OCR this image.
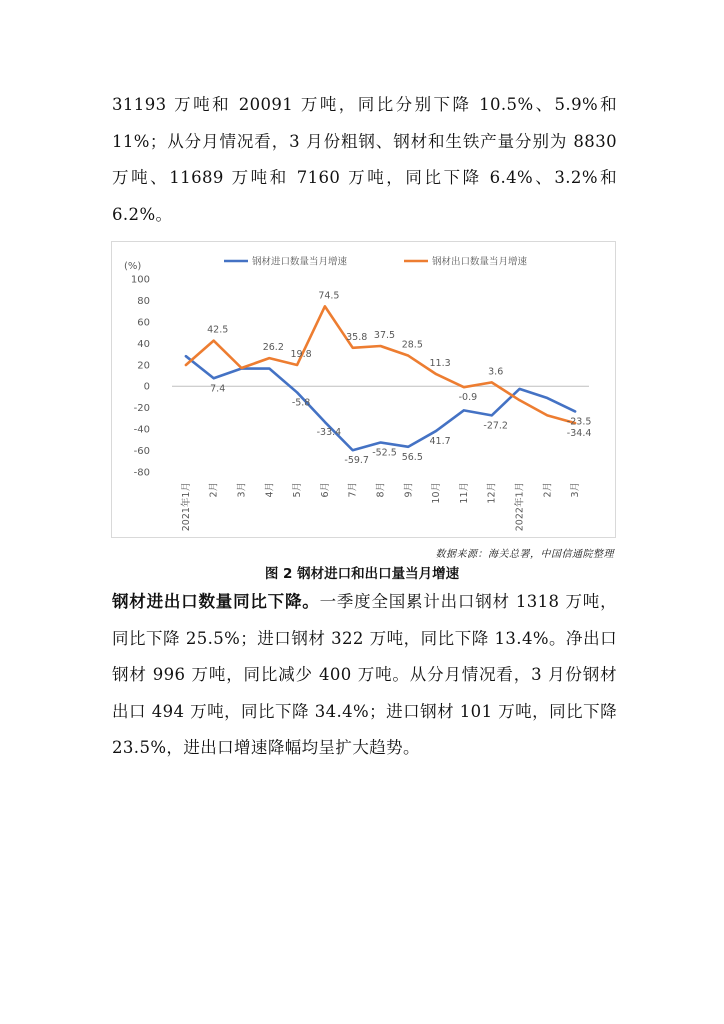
31193 万吨和 20091 万吨，同比分别下降 10.5%、5.9%和 11%；从分月情况看，3 月份粗钢、钢材和生铁产量分别为 8830 万吨、11689 万吨和 7160 万吨，同比下降 6.4%、3.2%和 6.2%。
(%)
100
80
60
40
20
0
-20
-40
-60
-80
2021年1月 2月 3月 4月 5月 6月 7月 8月 9月 10月 11月 12月 2022年1月 2月 3月
钢材进口数量当月增速	钢材出口数量当月增速
7.4
-5.8
-33.4
-59.7
-52.5 56.5
41.7
-27.2	-23.5
42.5
26.2
19.8
74.5
35.8 37.5
28.5
11.3
-0.9
3.6
-34.4
数据来源：海关总署，中国信通院整理
图 2 钢材进口和出口量当月增速
钢材进出口数量同比下降。一季度全国累计出口钢材 1318 万吨，同比下降 25.5%；进口钢材 322 万吨，同比下降 13.4%。净出口钢材 996 万吨，同比减少 400 万吨。从分月情况看，3 月份钢材出口 494 万吨，同比下降 34.4%；进口钢材 101 万吨，同比下降 23.5%，进出口增速降幅均呈扩大趋势。
